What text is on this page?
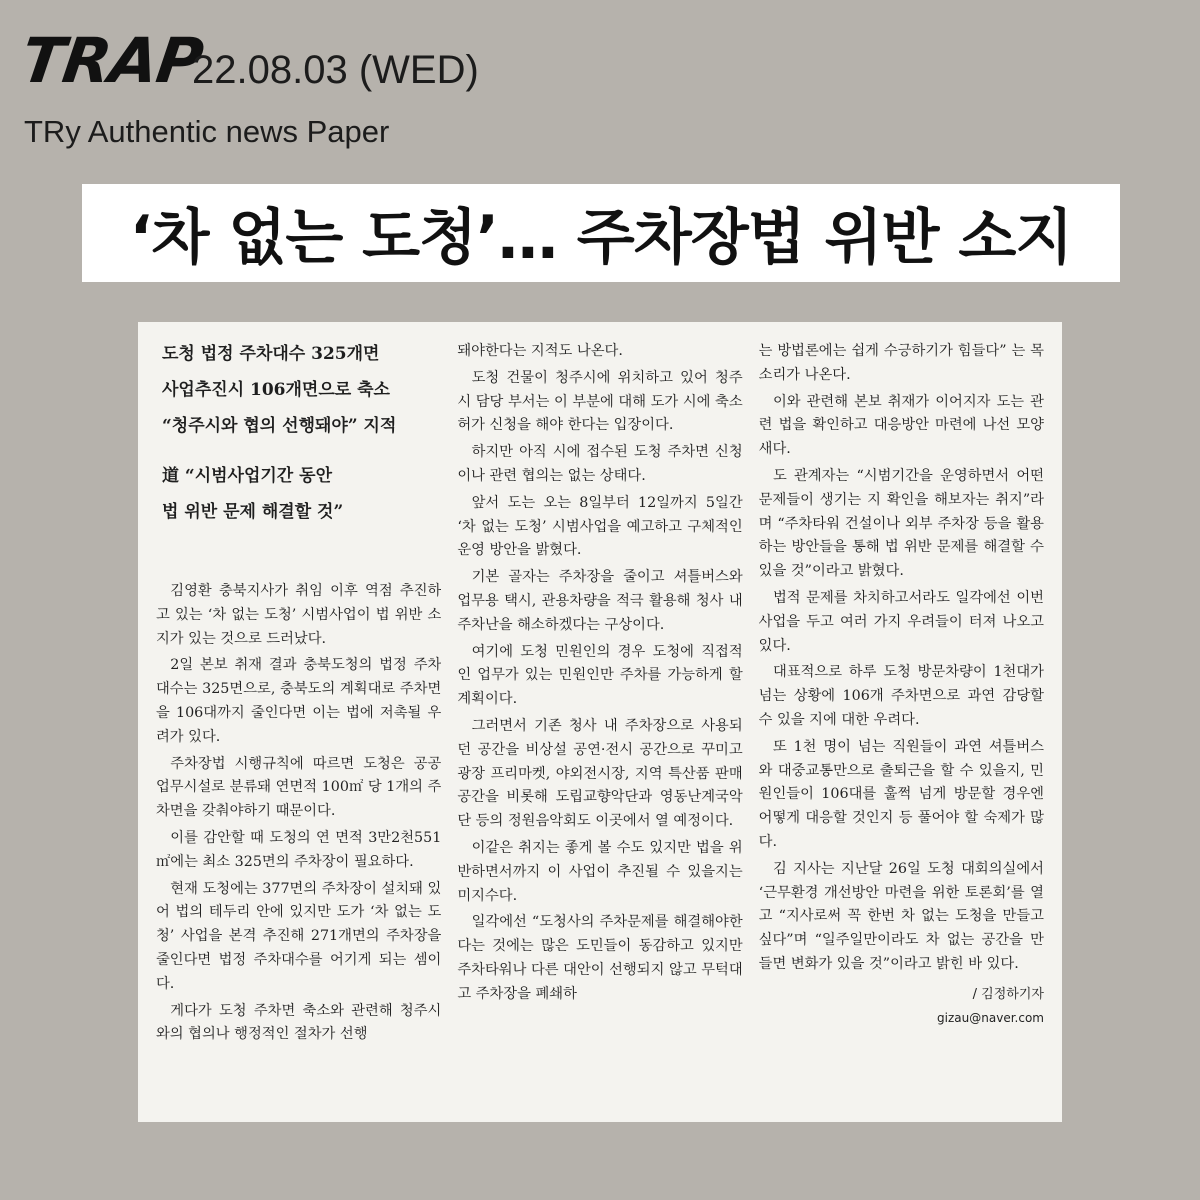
TRAP
22.08.03 (WED)
TRy Authentic news Paper
‘차 없는 도청’… 주차장법 위반 소지
도청 법정 주차대수 325개면
사업추진시 106개면으로 축소
“청주시와 협의 선행돼야” 지적
道 “시범사업기간 동안
법 위반 문제 해결할 것”

김영환 충북지사가 취임 이후 역점 추진하고 있는 ‘차 없는 도청’ 시범사업이 법 위반 소지가 있는 것으로 드러났다.

2일 본보 취재 결과 충북도청의 법정 주차대수는 325면으로, 충북도의 계획대로 주차면을 106대까지 줄인다면 이는 법에 저촉될 우려가 있다.

주차장법 시행규칙에 따르면 도청은 공공 업무시설로 분류돼 연면적 100㎡ 당 1개의 주차면을 갖춰야하기 때문이다.

이를 감안할 때 도청의 연 면적 3만2천551㎡에는 최소 325면의 주차장이 필요하다.

현재 도청에는 377면의 주차장이 설치돼 있어 법의 테두리 안에 있지만 도가 ‘차 없는 도청’ 사업을 본격 추진해 271개면의 주차장을 줄인다면 법정 주차대수를 어기게 되는 셈이다.

게다가 도청 주차면 축소와 관련해 청주시와의 협의나 행정적인 절차가 선행

돼야한다는 지적도 나온다.

도청 건물이 청주시에 위치하고 있어 청주시 담당 부서는 이 부분에 대해 도가 시에 축소 허가 신청을 해야 한다는 입장이다.

하지만 아직 시에 접수된 도청 주차면 신청이나 관련 협의는 없는 상태다.

앞서 도는 오는 8일부터 12일까지 5일간 ‘차 없는 도청’ 시범사업을 예고하고 구체적인 운영 방안을 밝혔다.

기본 골자는 주차장을 줄이고 셔틀버스와 업무용 택시, 관용차량을 적극 활용해 청사 내 주차난을 해소하겠다는 구상이다.

여기에 도청 민원인의 경우 도청에 직접적인 업무가 있는 민원인만 주차를 가능하게 할 계획이다.

그러면서 기존 청사 내 주차장으로 사용되던 공간을 비상설 공연·전시 공간으로 꾸미고 광장 프리마켓, 야외전시장, 지역 특산품 판매 공간을 비롯해 도립교향악단과 영동난계국악단 등의 정원음악회도 이곳에서 열 예정이다.

이같은 취지는 좋게 볼 수도 있지만 법을 위반하면서까지 이 사업이 추진될 수 있을지는 미지수다.

일각에선 “도청사의 주차문제를 해결해야한다는 것에는 많은 도민들이 동감하고 있지만 주차타워나 다른 대안이 선행되지 않고 무턱대고 주차장을 폐쇄하

는 방법론에는 쉽게 수긍하기가 힘들다” 는 목소리가 나온다.

이와 관련해 본보 취재가 이어지자 도는 관련 법을 확인하고 대응방안 마련에 나선 모양새다.

도 관계자는 “시범기간을 운영하면서 어떤 문제들이 생기는 지 확인을 해보자는 취지”라며 “주차타워 건설이나 외부 주차장 등을 활용하는 방안들을 통해 법 위반 문제를 해결할 수 있을 것”이라고 밝혔다.

법적 문제를 차치하고서라도 일각에선 이번 사업을 두고 여러 가지 우려들이 터져 나오고 있다.

대표적으로 하루 도청 방문차량이 1천대가 넘는 상황에 106개 주차면으로 과연 감당할 수 있을 지에 대한 우려다.

또 1천 명이 넘는 직원들이 과연 셔틀버스와 대중교통만으로 출퇴근을 할 수 있을지, 민원인들이 106대를 훌쩍 넘게 방문할 경우엔 어떻게 대응할 것인지 등 풀어야 할 숙제가 많다.

김 지사는 지난달 26일 도청 대회의실에서 ‘근무환경 개선방안 마련을 위한 토론회’를 열고 “지사로써 꼭 한번 차 없는 도청을 만들고 싶다”며 “일주일만이라도 차 없는 공간을 만들면 변화가 있을 것”이라고 밝힌 바 있다.

/ 김정하기자
gizau@naver.com
